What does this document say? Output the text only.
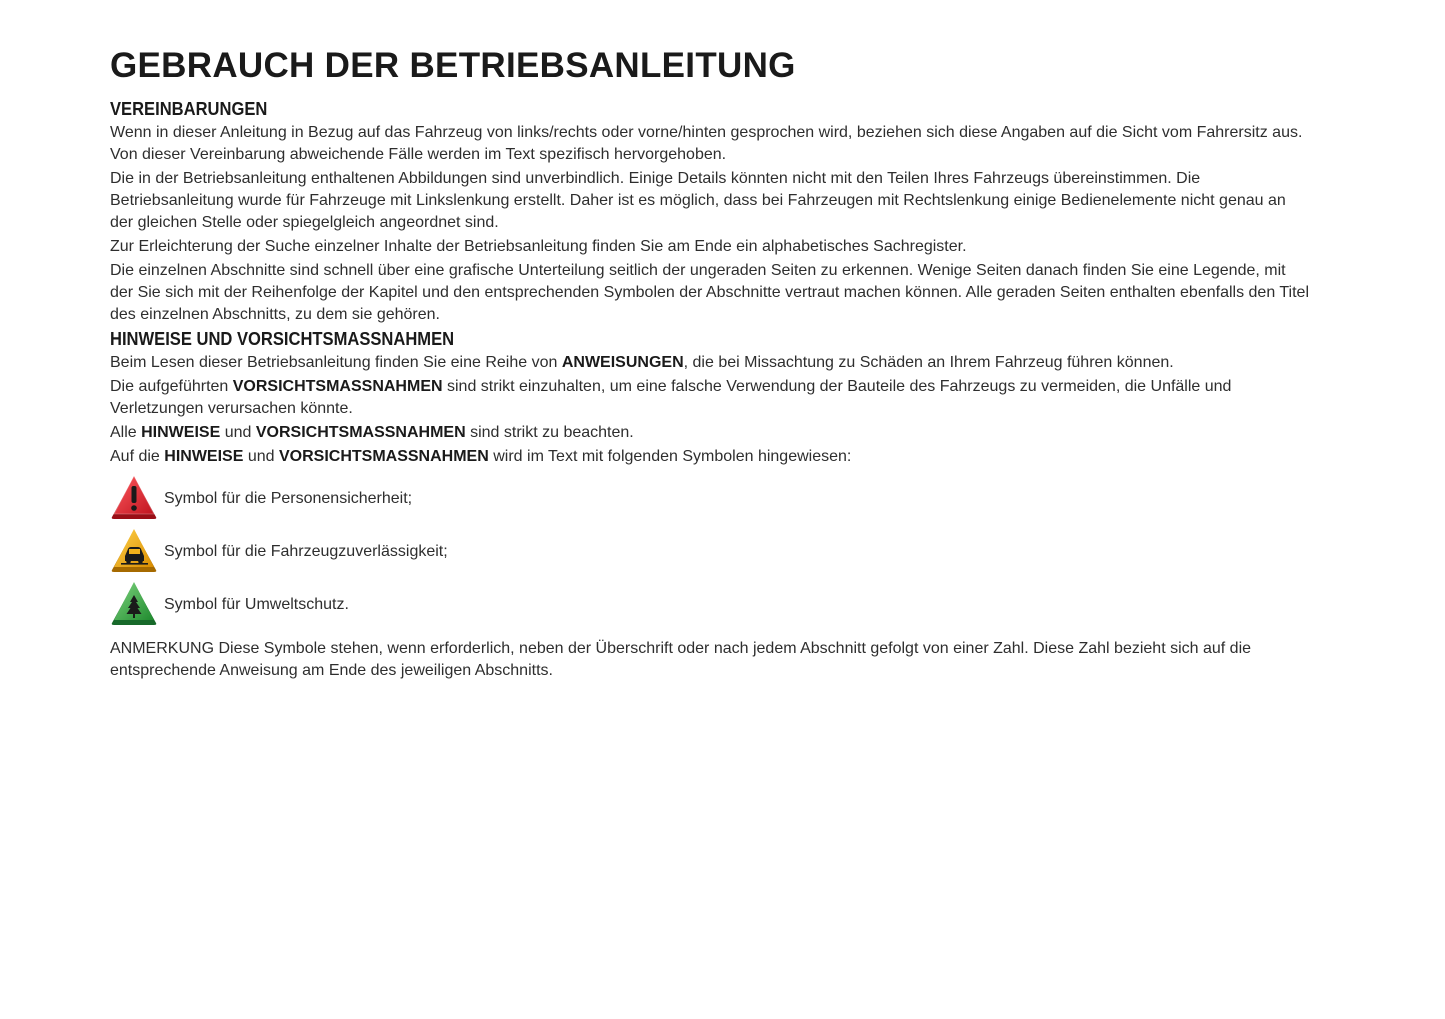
GEBRAUCH DER BETRIEBSANLEITUNG
VEREINBARUNGEN

Wenn in dieser Anleitung in Bezug auf das Fahrzeug von links/rechts oder vorne/hinten gesprochen wird, beziehen sich diese Angaben auf die Sicht vom Fahrersitz aus. Von dieser Vereinbarung abweichende Fälle werden im Text spezifisch hervorgehoben.

Die in der Betriebsanleitung enthaltenen Abbildungen sind unverbindlich. Einige Details könnten nicht mit den Teilen Ihres Fahrzeugs übereinstimmen. Die Betriebsanleitung wurde für Fahrzeuge mit Linkslenkung erstellt. Daher ist es möglich, dass bei Fahrzeugen mit Rechtslenkung einige Bedienelemente nicht genau an der gleichen Stelle oder spiegelgleich angeordnet sind.

Zur Erleichterung der Suche einzelner Inhalte der Betriebsanleitung finden Sie am Ende ein alphabetisches Sachregister.

Die einzelnen Abschnitte sind schnell über eine grafische Unterteilung seitlich der ungeraden Seiten zu erkennen. Wenige Seiten danach finden Sie eine Legende, mit der Sie sich mit der Reihenfolge der Kapitel und den entsprechenden Symbolen der Abschnitte vertraut machen können. Alle geraden Seiten enthalten ebenfalls den Titel des einzelnen Abschnitts, zu dem sie gehören.

HINWEISE UND VORSICHTSMASSNAHMEN

Beim Lesen dieser Betriebsanleitung finden Sie eine Reihe von ANWEISUNGEN, die bei Missachtung zu Schäden an Ihrem Fahrzeug führen können.

Die aufgeführten VORSICHTSMASSNAHMEN sind strikt einzuhalten, um eine falsche Verwendung der Bauteile des Fahrzeugs zu vermeiden, die Unfälle und Verletzungen verursachen könnte.

Alle HINWEISE und VORSICHTSMASSNAHMEN sind strikt zu beachten.

Auf die HINWEISE und VORSICHTSMASSNAHMEN wird im Text mit folgenden Symbolen hingewiesen:

Symbol für die Personensicherheit;
Symbol für die Fahrzeugzuverlässigkeit;
Symbol für Umweltschutz.

ANMERKUNG Diese Symbole stehen, wenn erforderlich, neben der Überschrift oder nach jedem Abschnitt gefolgt von einer Zahl. Diese Zahl bezieht sich auf die entsprechende Anweisung am Ende des jeweiligen Abschnitts.
